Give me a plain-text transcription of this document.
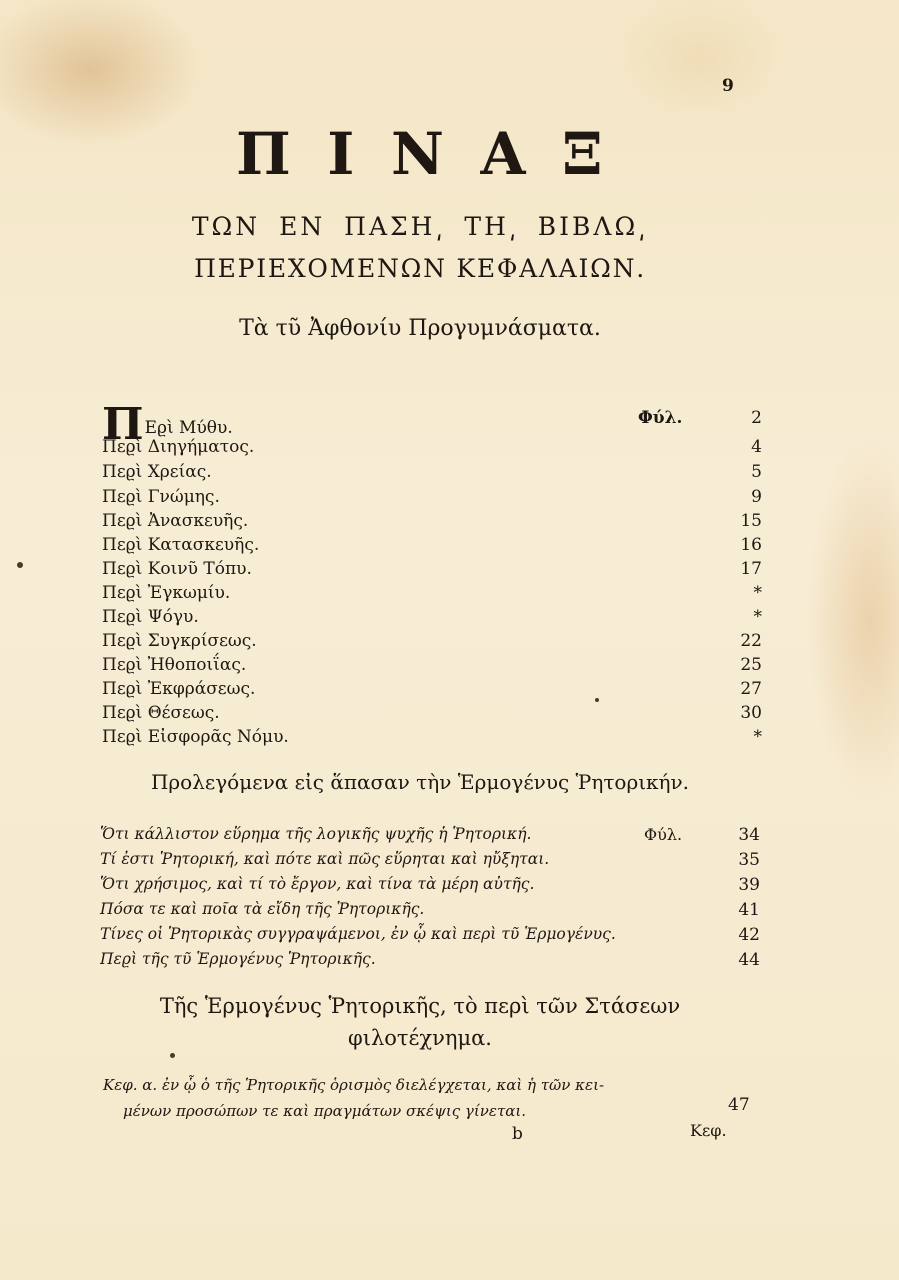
9
Π Ι Ν Α Ξ
ΤΩΝ ΕΝ ΠΑΣΗ͵ ΤΗ͵ ΒΙΒΛΩ͵
ΠΕΡΙΕΧΟΜΕΝΩΝ ΚΕΦΑΛΑΙΩΝ.
Τὰ τῦ Ἀφθονίυ Προγυμνάσματα.
ΠΕϱὶ Μύθυ.	Φύλ.	2
Πεϱὶ Διηγήματος.	4
Πεϱὶ Χρείας.	5
Πεϱὶ Γνώμης.	9
Πεϱὶ Ἀνασκευῆς.	15
Πεϱὶ Κατασκευῆς.	16
Πεϱὶ Κοινῦ Τόπυ.	17
Πεϱὶ Ἐγκωμίυ.	*
Πεϱὶ Ψόγυ.	*
Πεϱὶ Συγκρίσεως.	22
Πεϱὶ Ἠθοποιΐας.	25
Πεϱὶ Ἐκφράσεως.	27
Πεϱὶ Θέσεως.	30
Πεϱὶ Εἰσφορᾶς Νόμυ.	*
Προλεγόμενα εἰς ἅπασαν τὴν Ἑρμογένυς Ῥητορικήν.
Ὅτι κάλλιστον εὕρημα τῆς λογικῆς ψυχῆς ἡ Ῥητορική.	Φύλ.	34
Τί ἐστι Ῥητορική, καὶ πότε καὶ πῶς εὕρηται καὶ ηὔξηται.	35
Ὅτι χρήσιμος, καὶ τί τὸ ἔργον, καὶ τίνα τὰ μέρη αὐτῆς.	39
Πόσα τε καὶ ποῖα τὰ εἴδη τῆς Ῥητορικῆς.	41
Τίνες οἱ Ῥητορικὰς συγγραψάμενοι, ἐν ᾧ καὶ περὶ τῦ Ἑρμογένυς.	42
Πεϱὶ τῆς τῦ Ἑρμογένυς Ῥητορικῆς.	44
Τῆς Ἑρμογένυς Ῥητορικῆς, τὸ περὶ τῶν Στάσεων
φιλοτέχνημα.
Κεφ. α. ἐν ᾧ ὁ τῆς Ῥητορικῆς ὁρισμὸς διελέγχεται, καὶ ἡ τῶν κει-
μένων προσώπων τε καὶ πραγμάτων σκέψις γίνεται.	47
b	Κεφ.
